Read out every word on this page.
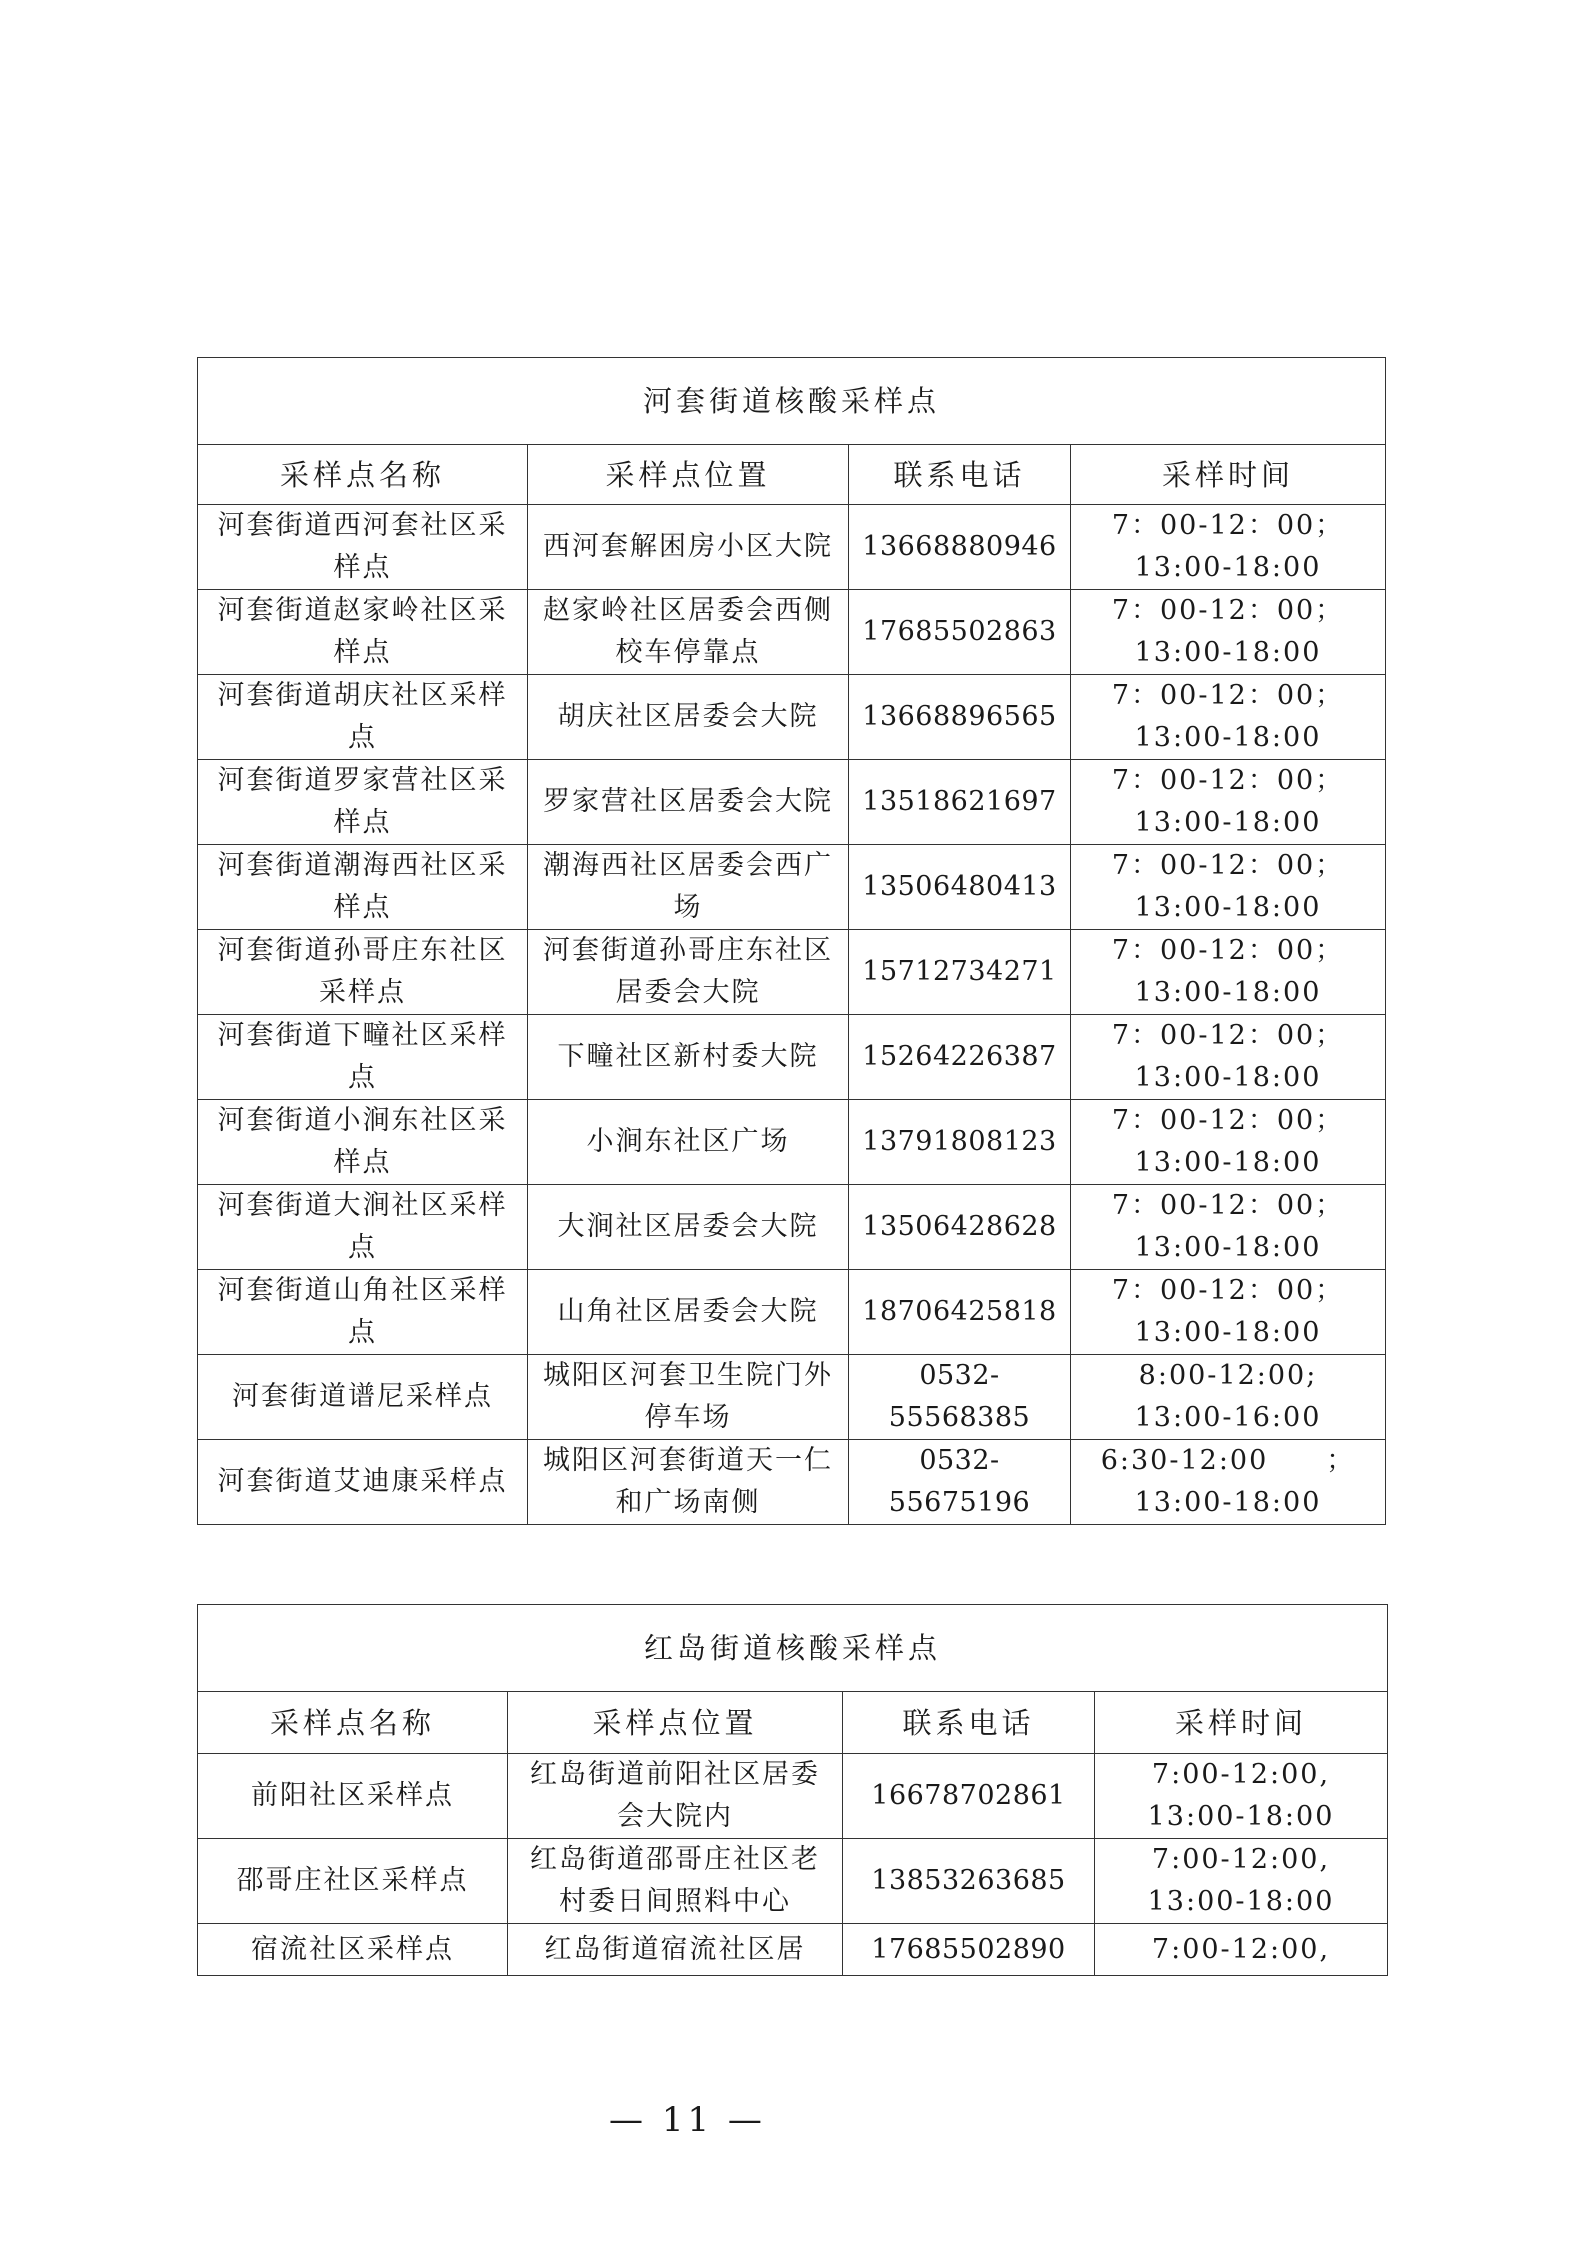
河套街道核酸采样点			
采样点名称	采样点位置	联系电话	采样时间
河套街道西河套社区采样点	西河套解困房小区大院	13668880946	7：00-12：00；
13:00-18:00

河套街道赵家岭社区采样点	赵家岭社区居委会西侧校车停靠点	17685502863	7：00-12：00；
13:00-18:00

河套街道胡庆社区采样点	胡庆社区居委会大院	13668896565	7：00-12：00；
13:00-18:00

河套街道罗家营社区采样点	罗家营社区居委会大院	13518621697	7：00-12：00；
13:00-18:00

河套街道潮海西社区采样点	潮海西社区居委会西广场	13506480413	7：00-12：00；
13:00-18:00

河套街道孙哥庄东社区采样点	河套街道孙哥庄东社区居委会大院	15712734271	7：00-12：00；
13:00-18:00

河套街道下疃社区采样点	下疃社区新村委大院	15264226387	7：00-12：00；
13:00-18:00

河套街道小涧东社区采样点	小涧东社区广场	13791808123	7：00-12：00；
13:00-18:00

河套街道大涧社区采样点	大涧社区居委会大院	13506428628	7：00-12：00；
13:00-18:00

河套街道山角社区采样点	山角社区居委会大院	18706425818	7：00-12：00；
13:00-18:00

河套街道谱尼采样点	城阳区河套卫生院门外停车场	0532-55568385	8:00-12:00;
13:00-16:00

河套街道艾迪康采样点	城阳区河套街道天一仁和广场南侧	0532-55675196	6:30-12:00　　；
13:00-18:00
红岛街道核酸采样点			
采样点名称	采样点位置	联系电话	采样时间
前阳社区采样点	红岛街道前阳社区居委会大院内	16678702861	7:00-12:00,
13:00-18:00

邵哥庄社区采样点	红岛街道邵哥庄社区老村委日间照料中心	13853263685	7:00-12:00,
13:00-18:00

宿流社区采样点	红岛街道宿流社区居	17685502890	7:00-12:00,
— 11 —
